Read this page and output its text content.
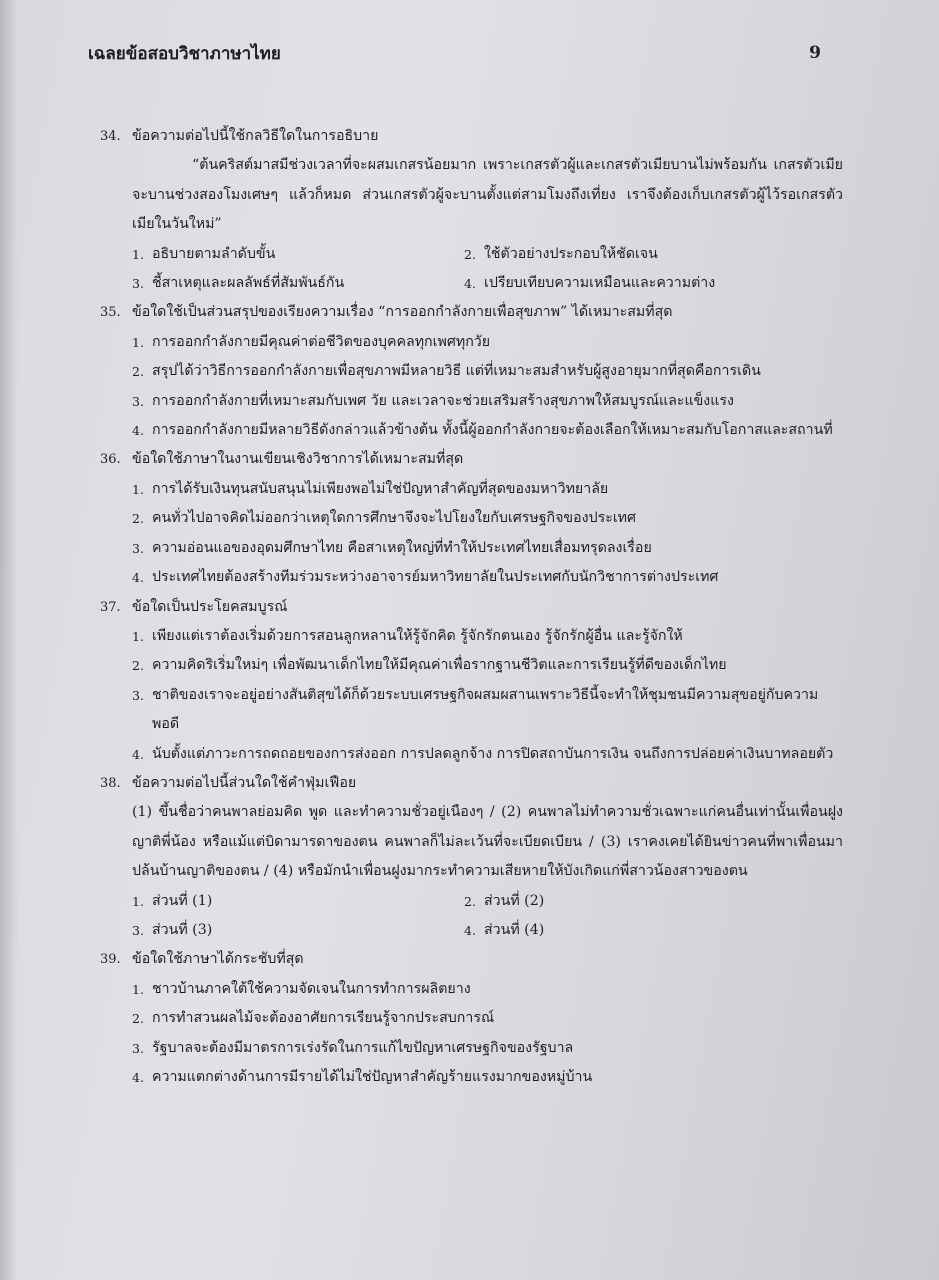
เฉลยข้อสอบวิชาภาษาไทย	9
34. ข้อความต่อไปนี้ใช้กลวิธีใดในการอธิบาย
“ต้นคริสต์มาสมีช่วงเวลาที่จะผสมเกสรน้อยมาก เพราะเกสรตัวผู้และเกสรตัวเมียบานไม่พร้อมกัน เกสรตัวเมียจะบานช่วงสองโมงเศษๆ แล้วก็หมด ส่วนเกสรตัวผู้จะบานตั้งแต่สามโมงถึงเที่ยง เราจึงต้องเก็บเกสรตัวผู้ไว้รอเกสรตัวเมียในวันใหม่”
1. อธิบายตามลำดับขั้น	2. ใช้ตัวอย่างประกอบให้ชัดเจน
3. ชี้สาเหตุและผลลัพธ์ที่สัมพันธ์กัน	4. เปรียบเทียบความเหมือนและความต่าง
35. ข้อใดใช้เป็นส่วนสรุปของเรียงความเรื่อง “การออกกำลังกายเพื่อสุขภาพ” ได้เหมาะสมที่สุด
1. การออกกำลังกายมีคุณค่าต่อชีวิตของบุคคลทุกเพศทุกวัย
2. สรุปได้ว่าวิธีการออกกำลังกายเพื่อสุขภาพมีหลายวิธี แต่ที่เหมาะสมสำหรับผู้สูงอายุมากที่สุดคือการเดิน
3. การออกกำลังกายที่เหมาะสมกับเพศ วัย และเวลาจะช่วยเสริมสร้างสุขภาพให้สมบูรณ์และแข็งแรง
4. การออกกำลังกายมีหลายวิธีดังกล่าวแล้วข้างต้น ทั้งนี้ผู้ออกกำลังกายจะต้องเลือกให้เหมาะสมกับโอกาสและสถานที่
36. ข้อใดใช้ภาษาในงานเขียนเชิงวิชาการได้เหมาะสมที่สุด
1. การได้รับเงินทุนสนับสนุนไม่เพียงพอไม่ใช่ปัญหาสำคัญที่สุดของมหาวิทยาลัย
2. คนทั่วไปอาจคิดไม่ออกว่าเหตุใดการศึกษาจึงจะไปโยงใยกับเศรษฐกิจของประเทศ
3. ความอ่อนแอของอุดมศึกษาไทย คือสาเหตุใหญ่ที่ทำให้ประเทศไทยเสื่อมทรุดลงเรื่อย
4. ประเทศไทยต้องสร้างทีมร่วมระหว่างอาจารย์มหาวิทยาลัยในประเทศกับนักวิชาการต่างประเทศ
37. ข้อใดเป็นประโยคสมบูรณ์
1. เพียงแต่เราต้องเริ่มด้วยการสอนลูกหลานให้รู้จักคิด รู้จักรักตนเอง รู้จักรักผู้อื่น และรู้จักให้
2. ความคิดริเริ่มใหม่ๆ เพื่อพัฒนาเด็กไทยให้มีคุณค่าเพื่อรากฐานชีวิตและการเรียนรู้ที่ดีของเด็กไทย
3. ชาติของเราจะอยู่อย่างสันติสุขได้ก็ด้วยระบบเศรษฐกิจผสมผสานเพราะวิธีนี้จะทำให้ชุมชนมีความสุขอยู่กับความพอดี
4. นับตั้งแต่ภาวะการถดถอยของการส่งออก การปลดลูกจ้าง การปิดสถาบันการเงิน จนถึงการปล่อยค่าเงินบาทลอยตัว
38. ข้อความต่อไปนี้ส่วนใดใช้คำฟุ่มเฟือย
(1) ขึ้นชื่อว่าคนพาลย่อมคิด พูด และทำความชั่วอยู่เนืองๆ / (2) คนพาลไม่ทำความชั่วเฉพาะแก่คนอื่นเท่านั้นเพื่อนฝูง ญาติพี่น้อง หรือแม้แต่บิดามารดาของตน คนพาลก็ไม่ละเว้นที่จะเบียดเบียน / (3) เราคงเคยได้ยินข่าวคนที่พาเพื่อนมาปล้นบ้านญาติของตน / (4) หรือมักนำเพื่อนฝูงมากระทำความเสียหายให้บังเกิดแก่พี่สาวน้องสาวของตน
1. ส่วนที่ (1)	2. ส่วนที่ (2)
3. ส่วนที่ (3)	4. ส่วนที่ (4)
39. ข้อใดใช้ภาษาได้กระชับที่สุด
1. ชาวบ้านภาคใต้ใช้ความจัดเจนในการทำการผลิตยาง
2. การทำสวนผลไม้จะต้องอาศัยการเรียนรู้จากประสบการณ์
3. รัฐบาลจะต้องมีมาตรการเร่งรัดในการแก้ไขปัญหาเศรษฐกิจของรัฐบาล
4. ความแตกต่างด้านการมีรายได้ไม่ใช่ปัญหาสำคัญร้ายแรงมากของหมู่บ้าน
